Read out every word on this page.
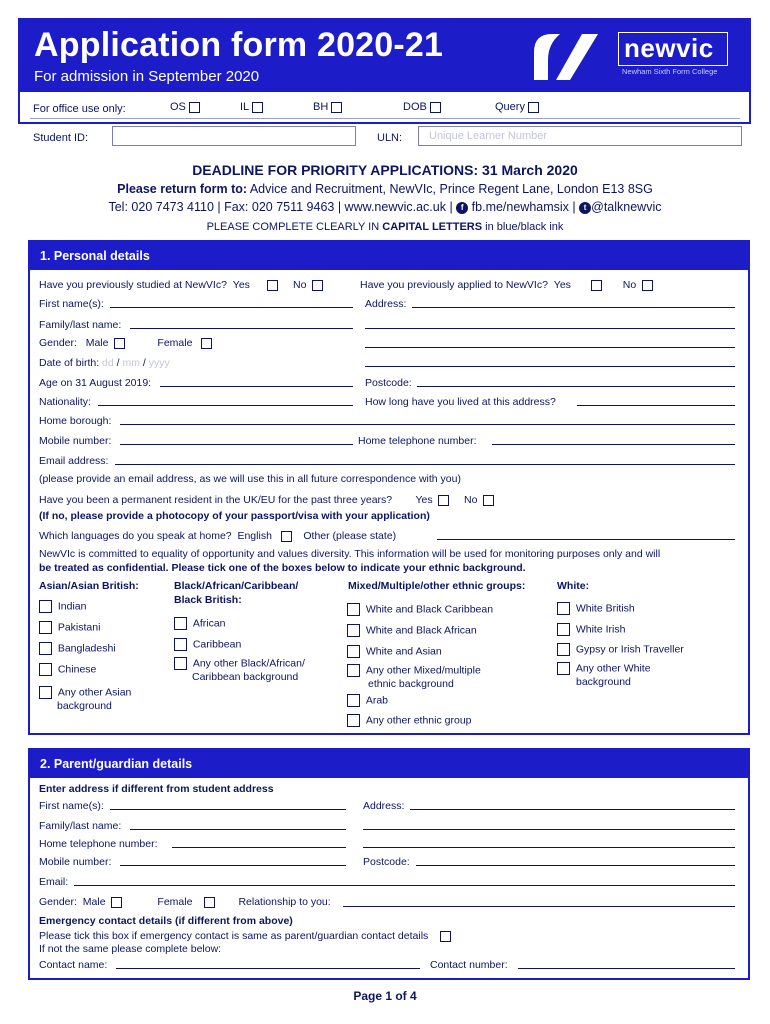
Application form 2020-21
For admission in September 2020
newvic
Newham Sixth Form College
For office use only:	OS	IL	BH	DOB	Query
Student ID:	ULN: Unique Learner Number
DEADLINE FOR PRIORITY APPLICATIONS: 31 March 2020
Please return form to: Advice and Recruitment, NewVIc, Prince Regent Lane, London E13 8SG
Tel: 020 7473 4110 | Fax: 020 7511 9463 | www.newvic.ac.uk | f fb.me/newhamsix | t @talknewvic
PLEASE COMPLETE CLEARLY IN CAPITAL LETTERS in blue/black ink
1. Personal details
Have you previously studied at NewVIc? Yes	No	Have you previously applied to NewVIc? Yes	No
First name(s):	Address:
Family/last name:
Gender: Male	Female
Date of birth: dd / mm / yyyy
Age on 31 August 2019:	Postcode:
Nationality:	How long have you lived at this address?
Home borough:
Mobile number:	Home telephone number:
Email address:
(please provide an email address, as we will use this in all future correspondence with you)
Have you been a permanent resident in the UK/EU for the past three years? Yes	No
(If no, please provide a photocopy of your passport/visa with your application)
Which languages do you speak at home? English	Other (please state)
NewVIc is committed to equality of opportunity and values diversity. This information will be used for monitoring purposes only and will
be treated as confidential. Please tick one of the boxes below to indicate your ethnic background.
Asian/Asian British:
Indian
Pakistani
Bangladeshi
Chinese
Any other Asian
background
Black/African/Caribbean/
Black British:
African
Caribbean
Any other Black/African/
Caribbean background
Mixed/Multiple/other ethnic groups:
White and Black Caribbean
White and Black African
White and Asian
Any other Mixed/multiple
ethnic background
Arab
Any other ethnic group
White:
White British
White Irish
Gypsy or Irish Traveller
Any other White
background
2. Parent/guardian details
Enter address if different from student address
First name(s):	Address:
Family/last name:
Home telephone number:
Mobile number:	Postcode:
Email:
Gender: Male	Female	Relationship to you:
Emergency contact details (if different from above)
Please tick this box if emergency contact is same as parent/guardian contact details
If not the same please complete below:
Contact name:	Contact number:
Page 1 of 4
